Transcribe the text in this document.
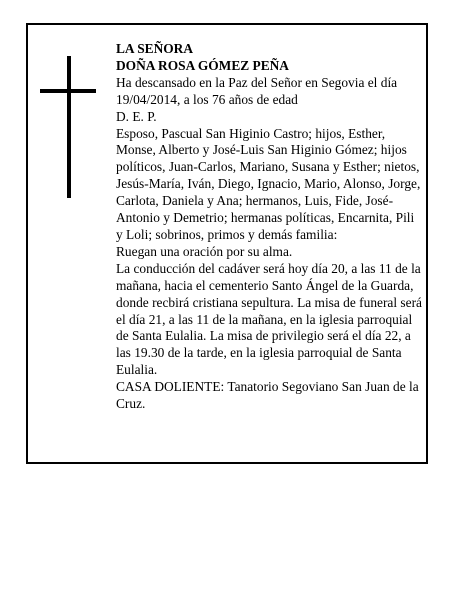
LA SEÑORA

DOÑA ROSA GÓMEZ PEÑA

Ha descansado en la Paz del Señor en Segovia el día 19/04/2014, a los 76 años de edad

D. E. P.

Esposo, Pascual San Higinio Castro; hijos, Esther, Monse, Alberto y José-Luis San Higinio Gómez; hijos políticos, Juan-Carlos, Mariano, Susana y Esther; nietos, Jesús-María, Iván, Diego, Ignacio, Mario, Alonso, Jorge, Carlota, Daniela y Ana; hermanos, Luis, Fide, José-Antonio y Demetrio; hermanas políticas, Encarnita, Pili y Loli; sobrinos, primos y demás familia:

Ruegan una oración por su alma.

La conducción del cadáver será hoy día 20, a las 11 de la mañana, hacia el cementerio Santo Ángel de la Guarda, donde recbirá cristiana sepultura. La misa de funeral será el día 21, a las 11 de la mañana, en la iglesia parroquial de Santa Eulalia. La misa de privilegio será el día 22, a las 19.30 de la tarde, en la iglesia parroquial de Santa Eulalia.

CASA DOLIENTE: Tanatorio Segoviano San Juan de la Cruz.
